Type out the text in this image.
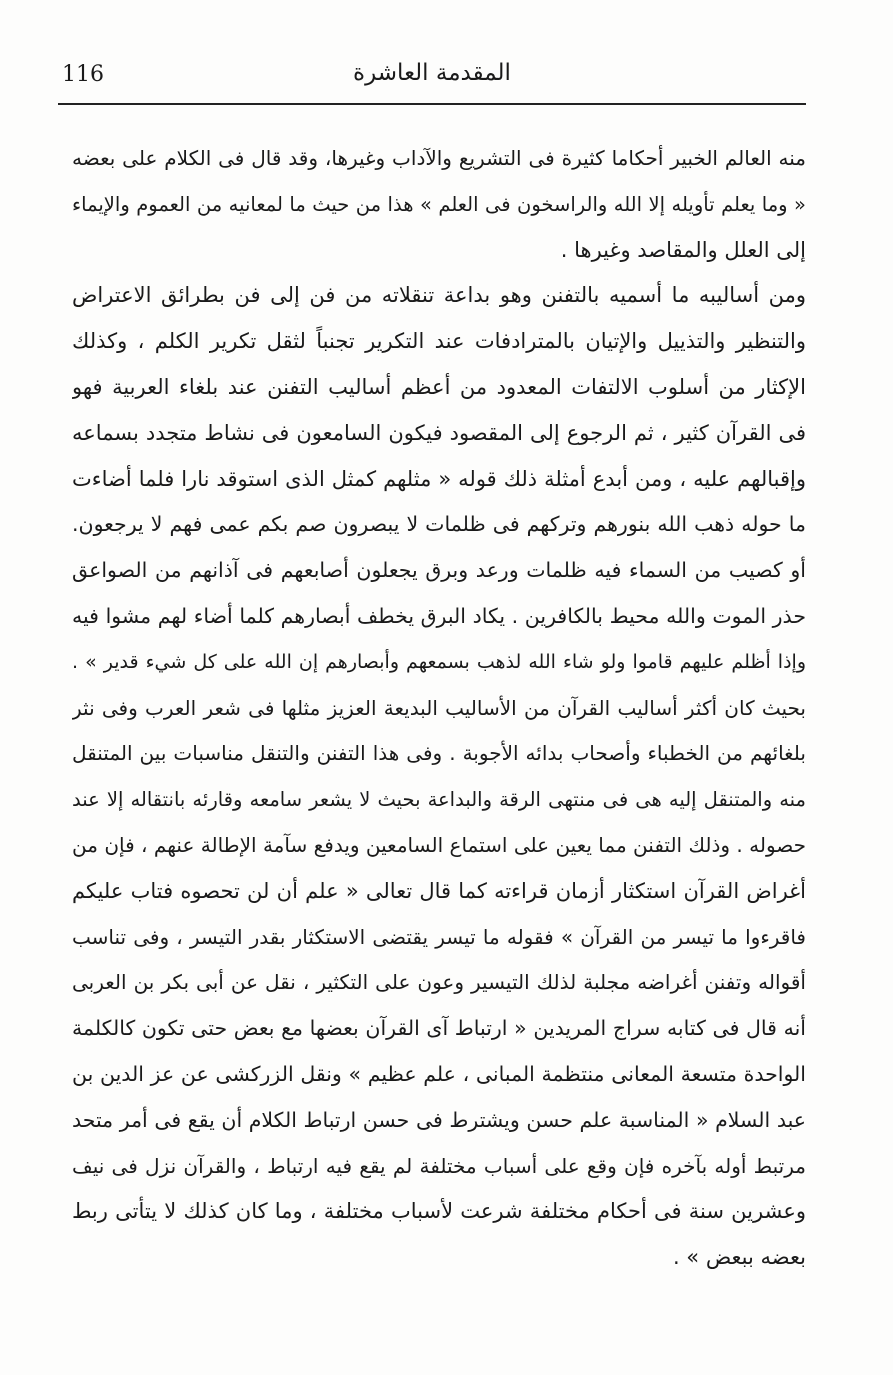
116	المقدمة العاشرة
منه العالم الخبير أحكاما كثيرة فى التشريع والآداب وغيرها، وقد قال فى الكلام على بعضه
« وما يعلم تأويله إلا الله والراسخون فى العلم » هذا من حيث ما لمعانيه من العموم والإيماء
إلى العلل والمقاصد وغيرها .
ومن أساليبه ما أسميه بالتفنن وهو بداعة تنقلاته من فن إلى فن بطرائق الاعتراض
والتنظير والتذييل والإتيان بالمترادفات عند التكرير تجنباً لثقل تكرير الكلم ، وكذلك
الإكثار من أسلوب الالتفات المعدود من أعظم أساليب التفنن عند بلغاء العربية فهو
فى القرآن كثير ، ثم الرجوع إلى المقصود فيكون السامعون فى نشاط متجدد بسماعه
وإقبالهم عليه ، ومن أبدع أمثلة ذلك قوله « مثلهم كمثل الذى استوقد نارا فلما أضاءت
ما حوله ذهب الله بنورهم وتركهم فى ظلمات لا يبصرون صم بكم عمى فهم لا يرجعون.
أو كصيب من السماء فيه ظلمات ورعد وبرق يجعلون أصابعهم فى آذانهم من الصواعق
حذر الموت والله محيط بالكافرين . يكاد البرق يخطف أبصارهم كلما أضاء لهم مشوا فيه
وإذا أظلم عليهم قاموا ولو شاء الله لذهب بسمعهم وأبصارهم إن الله على كل شيء قدير » .
بحيث كان أكثر أساليب القرآن من الأساليب البديعة العزيز مثلها فى شعر العرب وفى نثر
بلغائهم من الخطباء وأصحاب بدائه الأجوبة . وفى هذا التفنن والتنقل مناسبات بين المتنقل
منه والمتنقل إليه هى فى منتهى الرقة والبداعة بحيث لا يشعر سامعه وقارئه بانتقاله إلا عند
حصوله . وذلك التفنن مما يعين على استماع السامعين ويدفع سآمة الإطالة عنهم ، فإن من
أغراض القرآن استكثار أزمان قراءته كما قال تعالى « علم أن لن تحصوه فتاب عليكم
فاقرءوا ما تيسر من القرآن » فقوله ما تيسر يقتضى الاستكثار بقدر التيسر ، وفى تناسب
أقواله وتفنن أغراضه مجلبة لذلك التيسير وعون على التكثير ، نقل عن أبى بكر بن العربى
أنه قال فى كتابه سراج المريدين « ارتباط آى القرآن بعضها مع بعض حتى تكون كالكلمة
الواحدة متسعة المعانى منتظمة المبانى ، علم عظيم » ونقل الزركشى عن عز الدين بن
عبد السلام « المناسبة علم حسن ويشترط فى حسن ارتباط الكلام أن يقع فى أمر متحد
مرتبط أوله بآخره فإن وقع على أسباب مختلفة لم يقع فيه ارتباط ، والقرآن نزل فى نيف
وعشرين سنة فى أحكام مختلفة شرعت لأسباب مختلفة ، وما كان كذلك لا يتأتى ربط
بعضه ببعض » .
